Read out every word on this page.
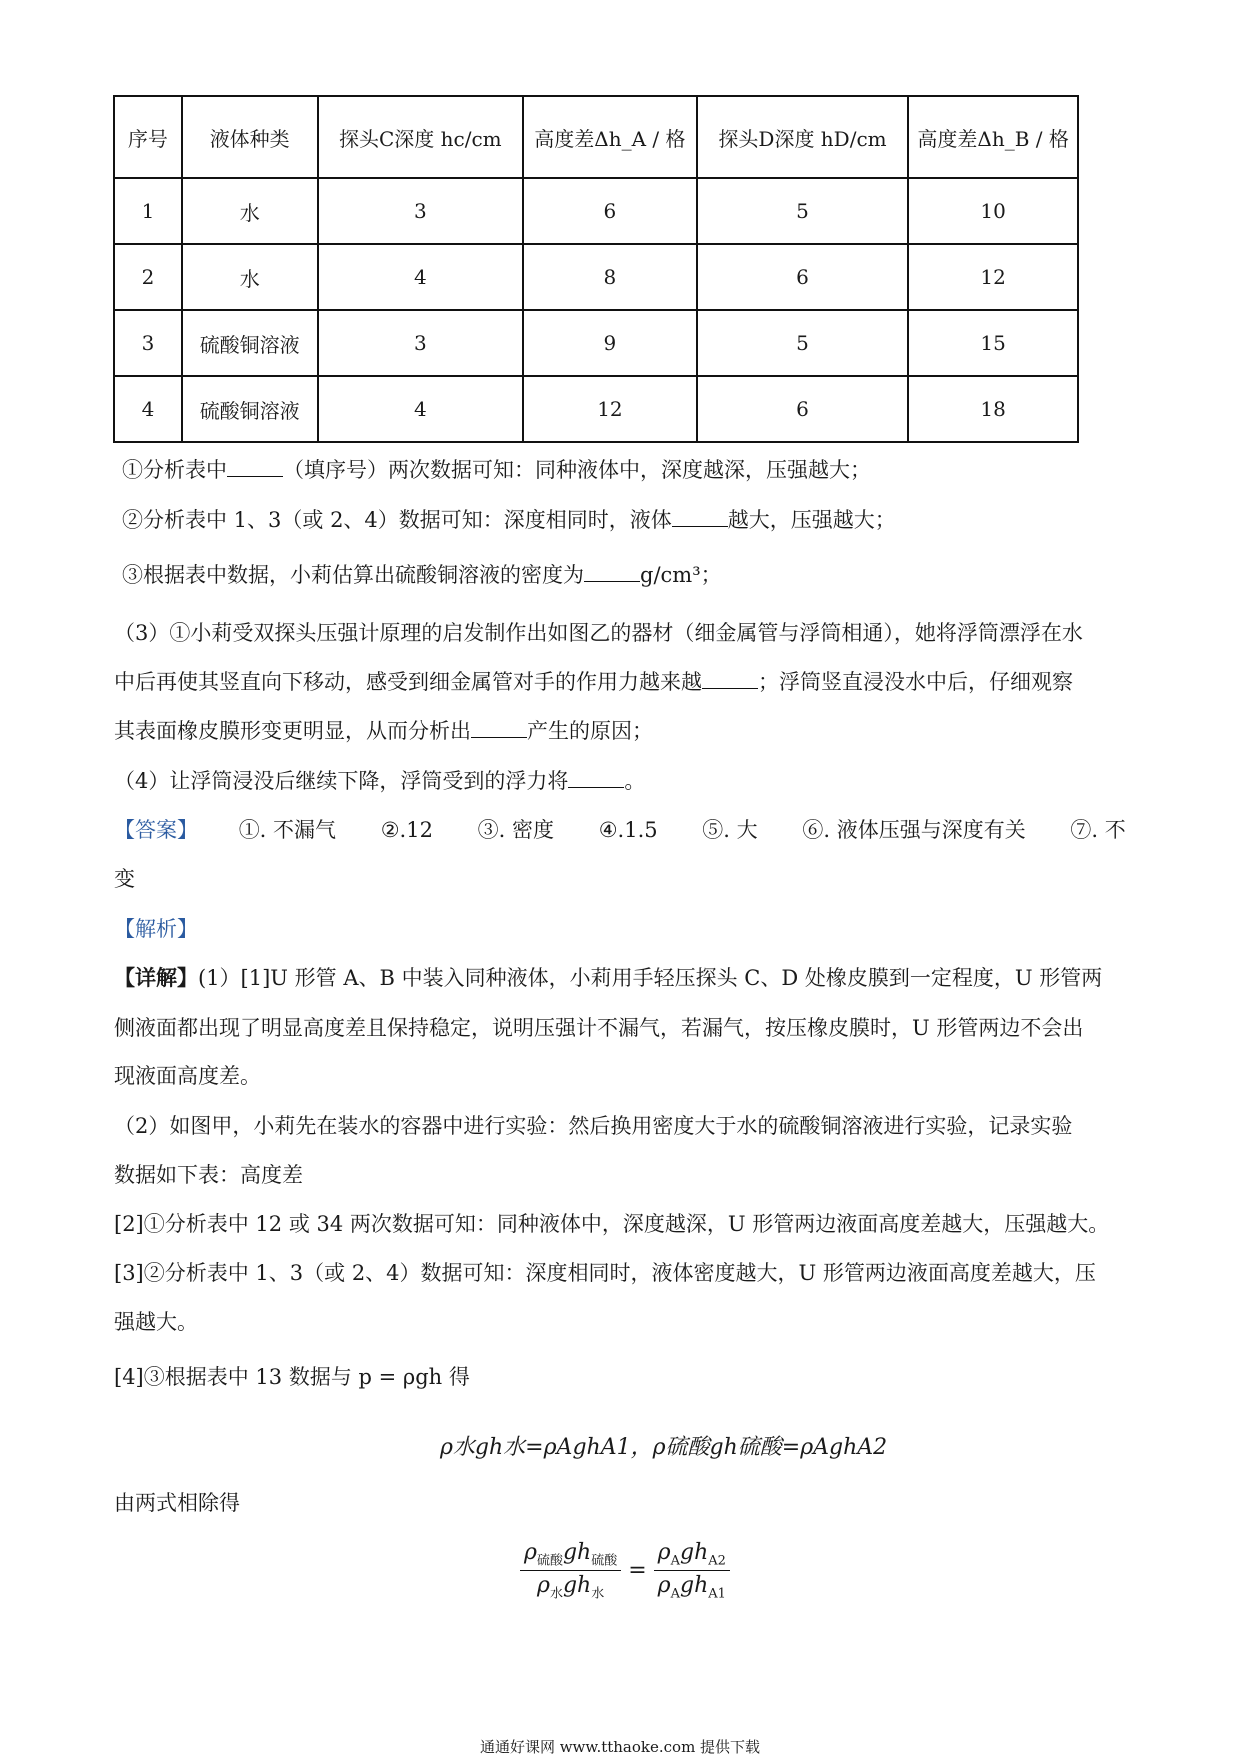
序号	液体种类	探头C深度 hc/cm	高度差Δh_A / 格	探头D深度 hD/cm	高度差Δh_B / 格
1	水	3	6	5	10
2	水	4	8	6	12
3	硫酸铜溶液	3	9	5	15
4	硫酸铜溶液	4	12	6	18
①分析表中	（填序号）两次数据可知：同种液体中，深度越深，压强越大；
②分析表中 1、3（或 2、4）数据可知：深度相同时，液体	越大，压强越大；
③根据表中数据，小莉估算出硫酸铜溶液的密度为	g/cm³；
（3）①小莉受双探头压强计原理的启发制作出如图乙的器材（细金属管与浮筒相通），她将浮筒漂浮在水
中后再使其竖直向下移动，感受到细金属管对手的作用力越来越	；浮筒竖直浸没水中后，仔细观察
其表面橡皮膜形变更明显，从而分析出	产生的原因；
（4）让浮筒浸没后继续下降，浮筒受到的浮力将	。
【答案】 ①. 不漏气 ②.12 ③. 密度 ④.1.5 ⑤. 大 ⑥. 液体压强与深度有关 ⑦. 不
变
【解析】
【详解】(1）[1]U 形管 A、B 中装入同种液体，小莉用手轻压探头 C、D 处橡皮膜到一定程度，U 形管两
侧液面都出现了明显高度差且保持稳定，说明压强计不漏气，若漏气，按压橡皮膜时，U 形管两边不会出
现液面高度差。
（2）如图甲，小莉先在装水的容器中进行实验：然后换用密度大于水的硫酸铜溶液进行实验，记录实验
数据如下表：高度差
[2]①分析表中 12 或 34 两次数据可知：同种液体中，深度越深，U 形管两边液面高度差越大，压强越大。
[3]②分析表中 1、3（或 2、4）数据可知：深度相同时，液体密度越大，U 形管两边液面高度差越大，压
强越大。
[4]③根据表中 13 数据与 p = ρgh 得
ρ水gh水=ρAghA1，ρ硫酸gh硫酸=ρAghA2
由两式相除得
$\frac{\rho_{硫酸}gh_{硫酸}}{\rho_水gh_水} = \frac{\rho_Agh_{A2}}{\rho_Agh_{A1}}$
通通好课网 www.tthaoke.com 提供下载
